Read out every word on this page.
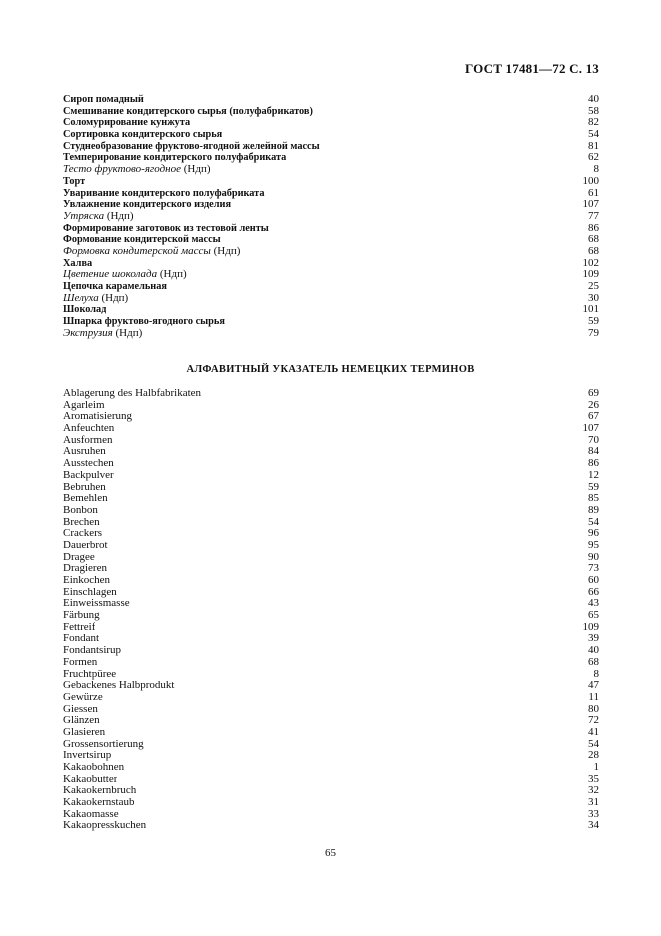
ГОСТ 17481—72 С. 13
Сироп помадный	40
Смешивание кондитерского сырья (полуфабрикатов)	58
Соломурирование кунжута	82
Сортировка кондитерского сырья	54
Студнеобразование фруктово-ягодной желейной массы	81
Темперирование кондитерского полуфабриката	62
Тесто фруктово-ягодное (Ндп)	8
Торт	100
Уваривание кондитерского полуфабриката	61
Увлажнение кондитерского изделия	107
Утряска (Ндп)	77
Формирование заготовок из тестовой ленты	86
Формование кондитерской массы	68
Формовка кондитерской массы (Ндп)	68
Халва	102
Цветение шоколада (Ндп)	109
Цепочка карамельная	25
Шелуха (Ндп)	30
Шоколад	101
Шпарка фруктово-ягодного сырья	59
Экструзия (Ндп)	79
АЛФАВИТНЫЙ УКАЗАТЕЛЬ НЕМЕЦКИХ ТЕРМИНОВ
Ablagerung des Halbfabrikaten	69
Agarleim	26
Aromatisierung	67
Anfeuchten	107
Ausformen	70
Ausruhen	84
Ausstechen	86
Backpulver	12
Bebruhen	59
Bemehlen	85
Bonbon	89
Brechen	54
Crackers	96
Dauerbrot	95
Dragee	90
Dragieren	73
Einkochen	60
Einschlagen	66
Einweissmasse	43
Färbung	65
Fettreif	109
Fondant	39
Fondantsirup	40
Formen	68
Fruchtpüree	8
Gebackenes Halbprodukt	47
Gewürze	11
Giessen	80
Glänzen	72
Glasieren	41
Grossensortierung	54
Invertsirup	28
Kakaobohnen	1
Kakaobutter	35
Kakaokernbruch	32
Kakaokernstaub	31
Kakaomasse	33
Kakaopresskuchen	34
65
